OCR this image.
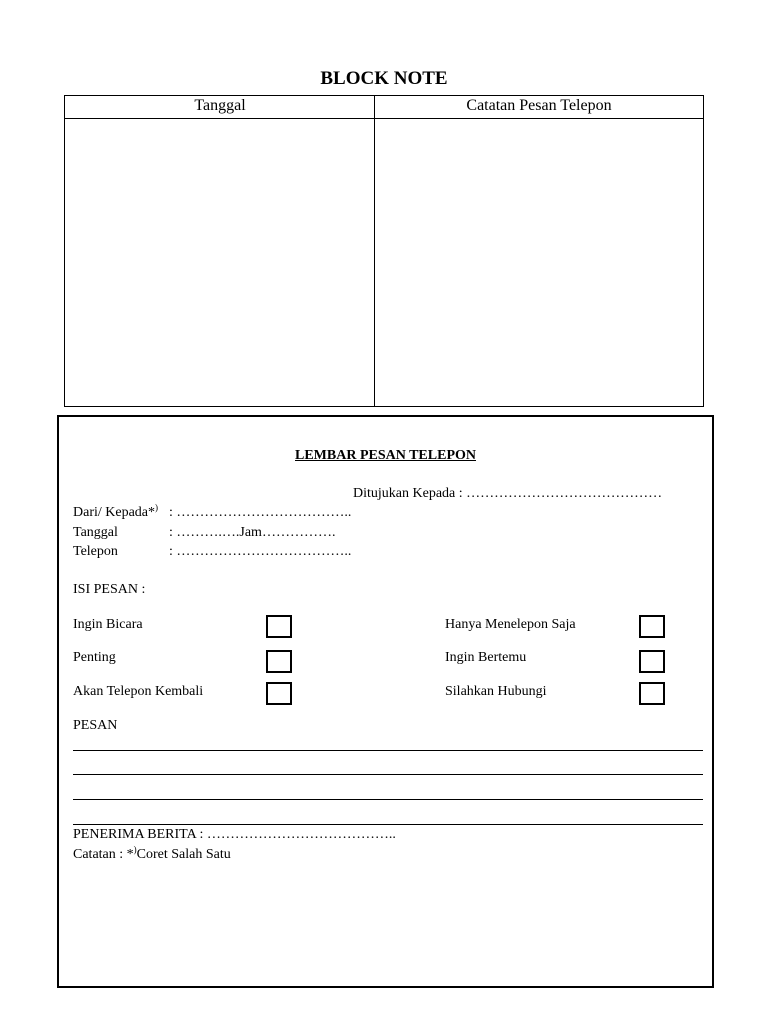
BLOCK NOTE
Tanggal	Catatan Pesan Telepon
LEMBAR PESAN TELEPON
Ditujukan Kepada : ……………………………………
Dari/ Kepada*) : ………………………………..
Tanggal	: ……….….Jam…………….
Telepon	: ………………………………..
ISI PESAN :
Ingin Bicara	Hanya Menelepon Saja
Penting	Ingin Bertemu
Akan Telepon Kembali	Silahkan Hubungi
PESAN
PENERIMA BERITA : …………………………………..
Catatan : *)Coret Salah Satu
